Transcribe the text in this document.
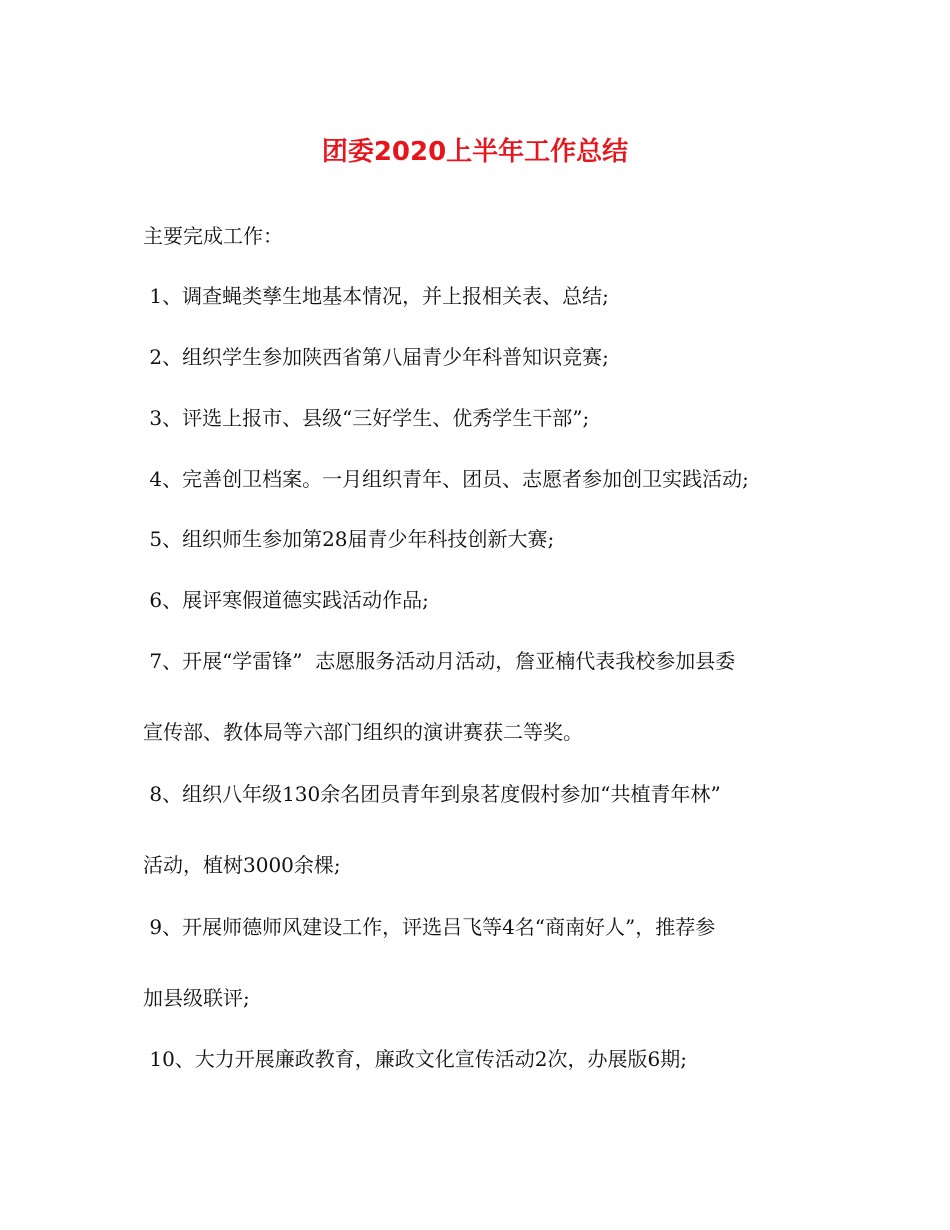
团委2020上半年工作总结

主要完成工作：

1、调查蝇类孳生地基本情况，并上报相关表、总结;

2、组织学生参加陕西省第八届青少年科普知识竞赛;

3、评选上报市、县级“三好学生、优秀学生干部”;

4、完善创卫档案。一月组织青年、团员、志愿者参加创卫实践活动;

5、组织师生参加第28届青少年科技创新大赛;

6、展评寒假道德实践活动作品;

7、开展“学雷锋”  志愿服务活动月活动，詹亚楠代表我校参加县委

宣传部、教体局等六部门组织的演讲赛获二等奖。

8、组织八年级130余名团员青年到泉茗度假村参加“共植青年林”

活动，植树3000余棵;

9、开展师德师风建设工作，评选吕飞等4名“商南好人”，推荐参

加县级联评;

10、大力开展廉政教育，廉政文化宣传活动2次，办展版6期;
